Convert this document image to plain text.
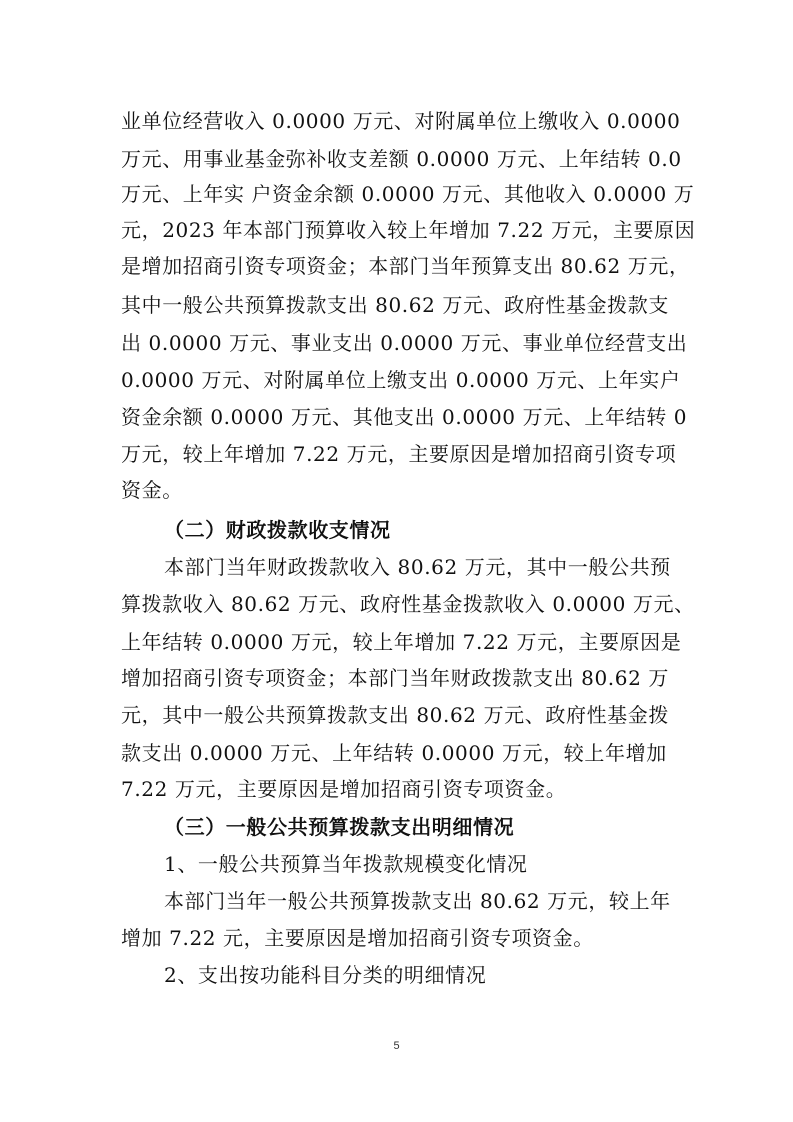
业单位经营收入 0.0000 万元、对附属单位上缴收入 0.0000
万元、用事业基金弥补收支差额 0.0000 万元、上年结转 0.0
万元、上年实 户资金余额 0.0000 万元、其他收入 0.0000 万
元，2023 年本部门预算收入较上年增加 7.22 万元，主要原因
是增加招商引资专项资金；本部门当年预算支出 80.62 万元，
其中一般公共预算拨款支出 80.62 万元、政府性基金拨款支
出 0.0000 万元、事业支出 0.0000 万元、事业单位经营支出
0.0000 万元、对附属单位上缴支出 0.0000 万元、上年实户
资金余额 0.0000 万元、其他支出 0.0000 万元、上年结转 0
万元，较上年增加 7.22 万元，主要原因是增加招商引资专项
资金。
（二）财政拨款收支情况
本部门当年财政拨款收入 80.62 万元，其中一般公共预
算拨款收入 80.62 万元、政府性基金拨款收入 0.0000 万元、
上年结转 0.0000 万元，较上年增加 7.22 万元，主要原因是
增加招商引资专项资金；本部门当年财政拨款支出 80.62 万
元，其中一般公共预算拨款支出 80.62 万元、政府性基金拨
款支出 0.0000 万元、上年结转 0.0000 万元，较上年增加
7.22 万元，主要原因是增加招商引资专项资金。
（三）一般公共预算拨款支出明细情况
1、一般公共预算当年拨款规模变化情况
本部门当年一般公共预算拨款支出 80.62 万元，较上年
增加 7.22 元，主要原因是增加招商引资专项资金。
2、支出按功能科目分类的明细情况
5
